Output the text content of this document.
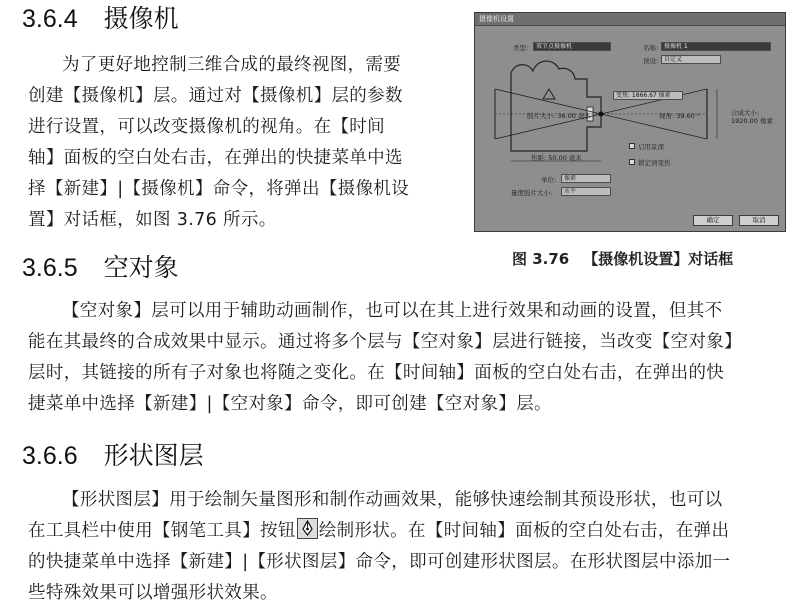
3.6.4 摄像机

为了更好地控制三维合成的最终视图，需要

创建【摄像机】层。通过对【摄像机】层的参数

进行设置，可以改变摄像机的视角。在【时间

轴】面板的空白处右击，在弹出的快捷菜单中选

择【新建】|【摄像机】命令，将弹出【摄像机设

置】对话框，如图 3.76 所示。

摄像机设置
类型:	双节点摄像机	名称: 摄像机 1
预设: 自定义
变焦: 1866.67 像素
胶片大小: 36.00 毫米	视角: 39.60 °	合成大小: 1920.00 像素
焦距: 50.00 毫米
启用景深
锁定到变焦
单位:	像素
量度胶片大小:	水平
确定	取消

图 3.76 【摄像机设置】对话框

3.6.5 空对象

【空对象】层可以用于辅助动画制作，也可以在其上进行效果和动画的设置，但其不

能在其最终的合成效果中显示。通过将多个层与【空对象】层进行链接，当改变【空对象】

层时，其链接的所有子对象也将随之变化。在【时间轴】面板的空白处右击，在弹出的快

捷菜单中选择【新建】|【空对象】命令，即可创建【空对象】层。

3.6.6 形状图层

【形状图层】用于绘制矢量图形和制作动画效果，能够快速绘制其预设形状，也可以

在工具栏中使用【钢笔工具】按钮 绘制形状。在【时间轴】面板的空白处右击，在弹出

的快捷菜单中选择【新建】|【形状图层】命令，即可创建形状图层。在形状图层中添加一

些特殊效果可以增强形状效果。
